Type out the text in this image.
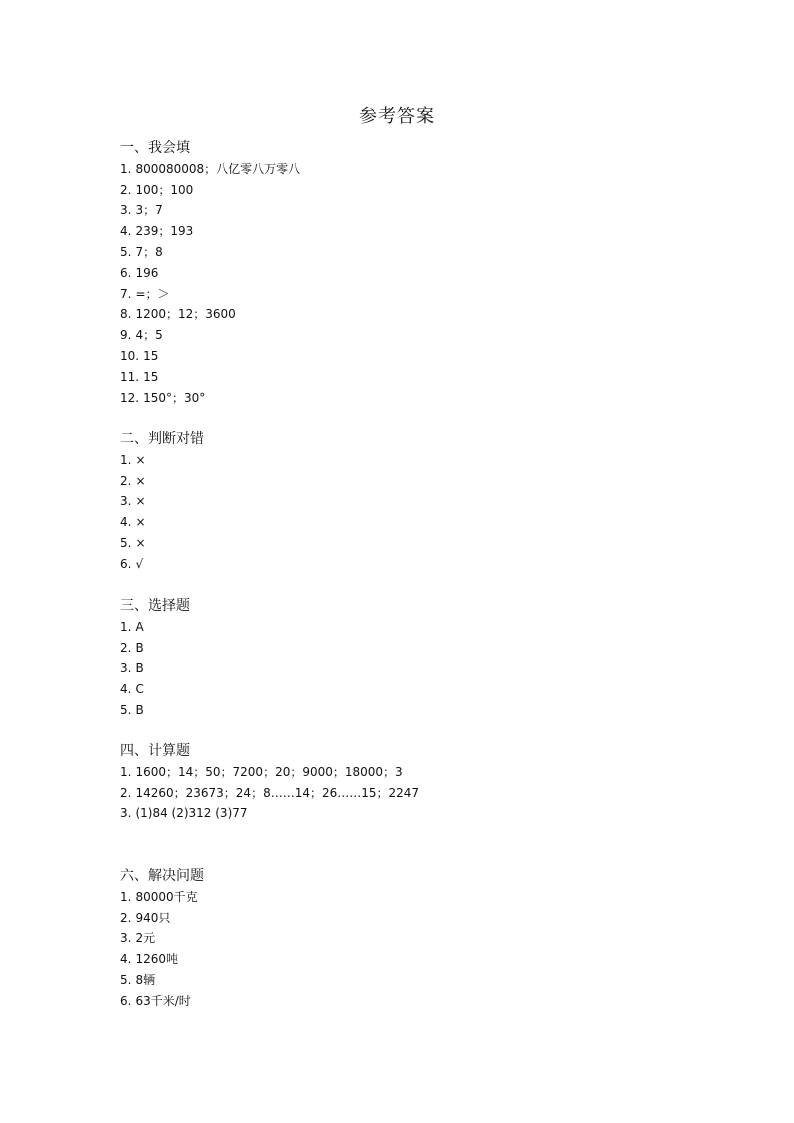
参考答案
一、我会填
1. 800080008；八亿零八万零八
2. 100；100
3. 3；7
4. 239；193
5. 7；8
6. 196
7. =；＞
8. 1200；12；3600
9. 4；5
10. 15
11. 15
12. 150°；30°
二、判断对错
1. ×
2. ×
3. ×
4. ×
5. ×
6. √
三、选择题
1. A
2. B
3. B
4. C
5. B
四、计算题
1. 1600；14；50；7200；20；9000；18000；3
2. 14260；23673；24；8……14；26……15；2247
3. (1)84 (2)312 (3)77
六、解决问题
1. 80000千克
2. 940只
3. 2元
4. 1260吨
5. 8辆
6. 63千米/时
